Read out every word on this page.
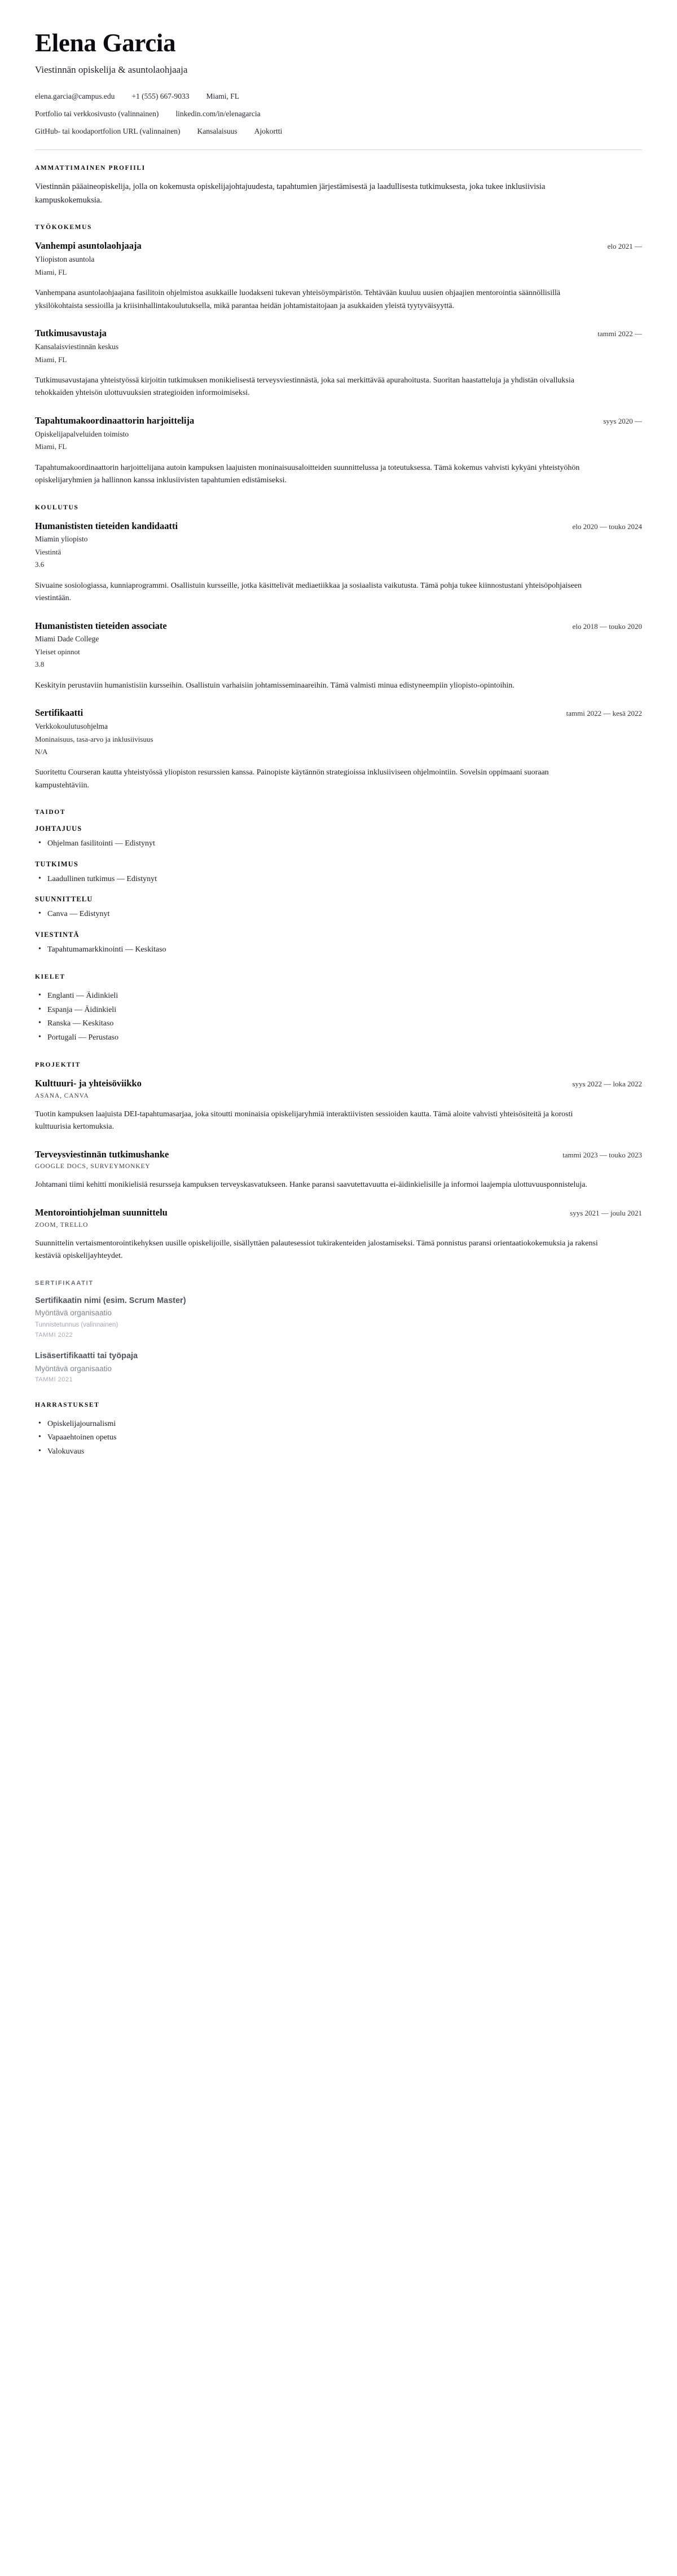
Elena Garcia
Viestinnän opiskelija & asuntolaohjaaja
elena.garcia@campus.edu +1 (555) 667-9033 Miami, FL
Portfolio tai verkkosivusto (valinnainen) linkedin.com/in/elenagarcia
GitHub- tai koodaportfolion URL (valinnainen) Kansalaisuus Ajokortti
AMMATTIMAINEN PROFIILI

Viestinnän pääaineopiskelija, jolla on kokemusta opiskelijajohtajuudesta, tapahtumien järjestämisestä ja laadullisesta tutkimuksesta, joka tukee inklusiivisia kampuskokemuksia.

TYÖKOKEMUS
Vanhempi asuntolaohjaaja	elo 2021 —
Yliopiston asuntola
Miami, FL
Vanhempana asuntolaohjaajana fasilitoin ohjelmistoa asukkaille luodakseni tukevan yhteisöympäristön. Tehtävään kuuluu uusien ohjaajien mentorointia säännöllisillä yksilökohtaista sessioilla ja kriisinhallintakoulutuksella, mikä parantaa heidän johtamistaitojaan ja asukkaiden yleistä tyytyväisyyttä.
Tutkimusavustaja	tammi 2022 —
Kansalaisviestinnän keskus
Miami, FL
Tutkimusavustajana yhteistyössä kirjoitin tutkimuksen monikielisestä terveysviestinnästä, joka sai merkittävää apurahoitusta. Suoritan haastatteluja ja yhdistän oivalluksia tehokkaiden yhteisön ulottuvuuksien strategioiden informoimiseksi.
Tapahtumakoordinaattorin harjoittelija	syys 2020 —
Opiskelijapalveluiden toimisto
Miami, FL
Tapahtumakoordinaattorin harjoittelijana autoin kampuksen laajuisten moninaisuusaloitteiden suunnittelussa ja toteutuksessa. Tämä kokemus vahvisti kykyäni yhteistyöhön opiskelijaryhmien ja hallinnon kanssa inklusiivisten tapahtumien edistämiseksi.
KOULUTUS
Humanististen tieteiden kandidaatti	elo 2020 — touko 2024
Miamin yliopisto
Viestintä
3.6
Sivuaine sosiologiassa, kunniaprogrammi. Osallistuin kursseille, jotka käsittelivät mediaetiikkaa ja sosiaalista vaikutusta. Tämä pohja tukee kiinnostustani yhteisöpohjaiseen viestintään.
Humanististen tieteiden associate	elo 2018 — touko 2020
Miami Dade College
Yleiset opinnot
3.8
Keskityin perustaviin humanistisiin kursseihin. Osallistuin varhaisiin johtamisseminaareihin. Tämä valmisti minua edistyneempiin yliopisto-opintoihin.
Sertifikaatti	tammi 2022 — kesä 2022
Verkkokoulutusohjelma
Moninaisuus, tasa-arvo ja inklusiivisuus
N/A
Suoritettu Courseran kautta yhteistyössä yliopiston resurssien kanssa. Painopiste käytännön strategioissa inklusiiviseen ohjelmointiin. Sovelsin oppimaani suoraan kampustehtäviin.
TAIDOT
JOHTAJUUS
• Ohjelman fasilitointi — Edistynyt
TUTKIMUS
• Laadullinen tutkimus — Edistynyt
SUUNNITTELU
• Canva — Edistynyt
VIESTINTÄ
• Tapahtumamarkkinointi — Keskitaso
KIELET
• Englanti — Äidinkieli
• Espanja — Äidinkieli
• Ranska — Keskitaso
• Portugali — Perustaso
PROJEKTIT
Kulttuuri- ja yhteisöviikko	syys 2022 — loka 2022
ASANA, CANVA
Tuotin kampuksen laajuista DEI-tapahtumasarjaa, joka sitoutti moninaisia opiskelijaryhmiä interaktiivisten sessioiden kautta. Tämä aloite vahvisti yhteisösiteitä ja korosti kulttuurisia kertomuksia.
Terveysviestinnän tutkimushanke	tammi 2023 — touko 2023
GOOGLE DOCS, SURVEYMONKEY
Johtamani tiimi kehitti monikielisiä resursseja kampuksen terveyskasvatukseen. Hanke paransi saavutettavuutta ei-äidinkielisille ja informoi laajempia ulottuvuusponnisteluja.
Mentorointiohjelman suunnittelu	syys 2021 — joulu 2021
ZOOM, TRELLO
Suunnittelin vertaismentorointikehyksen uusille opiskelijoille, sisällyttäen palautesessiot tukirakenteiden jalostamiseksi. Tämä ponnistus paransi orientaatiokokemuksia ja rakensi kestäviä opiskelijayhteydet.
SERTIFIKAATIT
Sertifikaatin nimi (esim. Scrum Master)
Myöntävä organisaatio
Tunnistetunnus (valinnainen)
TAMMI 2022
Lisäsertifikaatti tai työpaja
Myöntävä organisaatio
TAMMI 2021
HARRASTUKSET
• Opiskelijajournalismi
• Vapaaehtoinen opetus
• Valokuvaus
